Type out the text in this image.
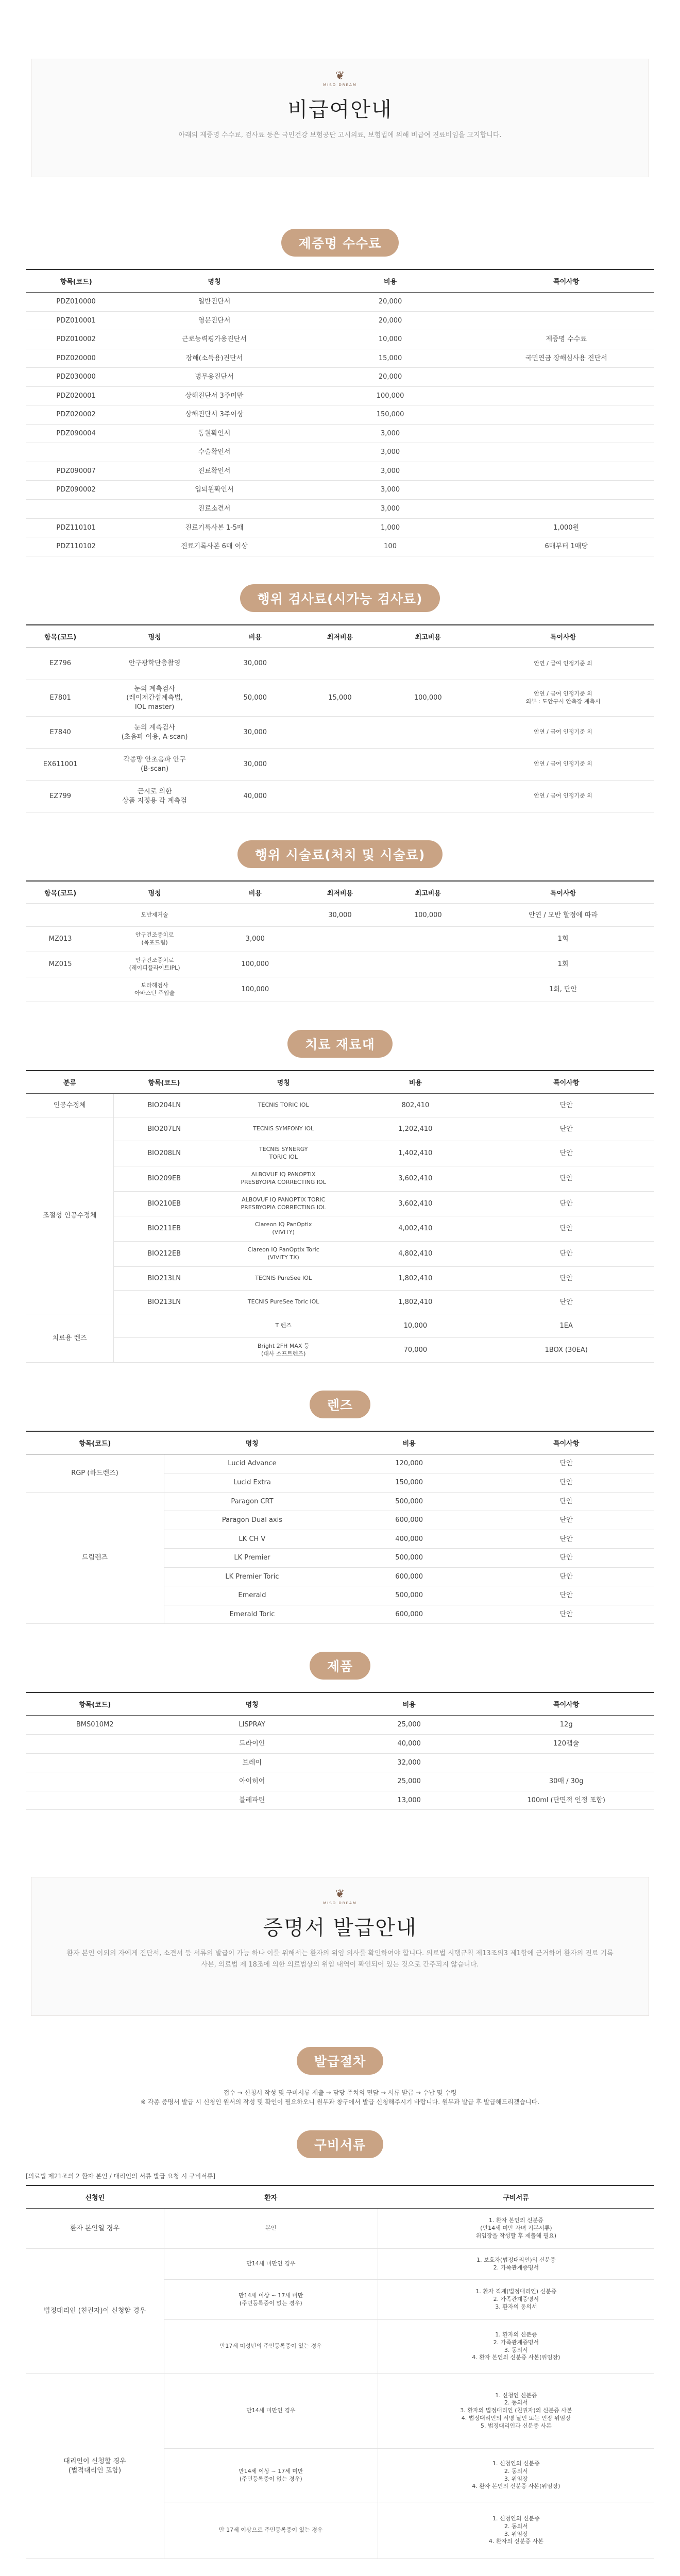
❦
MISO DREAM
비급여안내

아래의 제증명 수수료, 검사료 등은 국민건강 보험공단 고시의료, 보험법에 의해 비급여 진료비임을 고지합니다.

제증명 수수료
항목(코드)	명칭	비용	특이사항
PDZ010000	일반진단서	20,000	
PDZ010001	영문진단서	20,000	
PDZ010002	근로능력평가용진단서	10,000	제증명 수수료
PDZ020000	장해(소득용)진단서	15,000	국민연금 장해심사용 진단서
PDZ030000	병무용진단서	20,000	
PDZ020001	상해진단서 3주미만	100,000	
PDZ020002	상해진단서 3주이상	150,000	
PDZ090004	통원확인서	3,000	
	수술확인서	3,000	
PDZ090007	진료확인서	3,000	
PDZ090002	입퇴원확인서	3,000	
	진료소견서	3,000	
PDZ110101	진료기록사본 1-5매	1,000	1,000원
PDZ110102	진료기록사본 6매 이상	100	6매부터 1매당
행위 검사료(시가능 검사료)
항목(코드)	명칭	비용	최저비용	최고비용	특이사항
EZ796	안구광학단층촬영	30,000			안연 / 급여 인정기준 외
E7801	눈의 계측검사
(레이저간섭계측법,
IOL master)	50,000	15,000	100,000	안연 / 급여 인정기준 외
외부 : 도안구시 안축장 계측시
E7840	눈의 계측검사
(초음파 이용, A-scan)	30,000			안연 / 급여 인정기준 외
EX611001	각종망 안초음파 안구
(B-scan)	30,000			안연 / 급여 인정기준 외
EZ799	근시로 의한
상품 지정용 각 계측검	40,000			안연 / 급여 인정기준 외
행위 시술료(처치 및 시술료)
항목(코드)	명칭	비용	최저비용	최고비용	특이사항
	모반제거술		30,000	100,000	안연 / 모반 할정에 따라
MZ013	안구건조증치료
(목포드림)	3,000			1회
MZ015	안구건조증치료
(레이피플라이트IPL)	100,000			1회
	보라해검사
아바스틴 주입술	100,000			1회, 단안
치료 재료대
분류	항목(코드)	명칭	비용	특이사항
인공수정체	BIO204LN	TECNIS TORIC IOL	802,410	단안
조절성 인공수정체	BIO207LN	TECNIS SYMFONY IOL	1,202,410	단안
	BIO208LN	TECNIS SYNERGY
TORIC IOL	1,402,410	단안
	BIO209EB	ALBOVUF IQ PANOPTIX
PRESBYOPIA CORRECTING IOL	3,602,410	단안
	BIO210EB	ALBOVUF IQ PANOPTIX TORIC
PRESBYOPIA CORRECTING IOL	3,602,410	단안
	BIO211EB	Clareon IQ PanOptix
(VIVITY)	4,002,410	단안
	BIO212EB	Clareon IQ PanOptix Toric
(VIVITY TX)	4,802,410	단안
	BIO213LN	TECNIS PureSee IOL	1,802,410	단안
	BIO213LN	TECNIS PureSee Toric IOL	1,802,410	단안
치료용 렌즈		T 렌즈	10,000	1EA
		Bright 2FH MAX 등
(대사 소프트렌즈)	70,000	1BOX (30EA)
렌즈
항목(코드)	명칭	비용	특이사항
RGP (하드렌즈)	Lucid Advance	120,000	단안
	Lucid Extra	150,000	단안
드림렌즈	Paragon CRT	500,000	단안
	Paragon Dual axis	600,000	단안
	LK CH V	400,000	단안
	LK Premier	500,000	단안
	LK Premier Toric	600,000	단안
	Emerald	500,000	단안
	Emerald Toric	600,000	단안
제품
항목(코드)	명칭	비용	특이사항
BMS010M2	LISPRAY	25,000	12g
	드라이인	40,000	120캡슐
	브레이	32,000	
	아이히어	25,000	30매 / 30g
	블레파틴	13,000	100ml (단면적 인정 포함)
❦
MISO DREAM
증명서 발급안내

환자 본인 이외의 자에게 진단서, 소견서 등 서류의 발급이 가능 하나 이를 위해서는 환자의 위임 의사를 확인하여야 합니다. 의료법 시행규칙 제13조의3 제1항에 근거하여 환자의 진료 기록 사본, 의료법 제 18조에 의한 의료법상의 위임 내역이 확인되어 있는 것으로 간주되지 않습니다.

발급절차

접수 → 신청서 작성 및 구비서류 제출 → 담당 주치의 면담 → 서류 발급 → 수납 및 수령
※ 각종 증명서 발급 시 신청인 원서의 작성 및 확인이 필요하오니 원무과 창구에서 발급 신청해주시기 바랍니다. 원무과 발급 후 발급해드리겠습니다.

구비서류

[의료법 제21조의 2 환자 본인 / 대리인의 서류 발급 요청 시 구비서류]

신청인	환자	구비서류
환자 본인일 경우	본인	1. 환자 본인의 신분증
(만14세 미만 자녀 기본서류)
위임장을 작성할 후 제출해 필요)
법정대리인 (친권자)이 신청할 경우	만14세 미만인 경우	1. 보호자(법정대리인)의 신분증
2. 가족관계증명서
	만14세 이상 ~ 17세 미만
(주민등록증이 없는 경우)	1. 환자 직계(법정대리인) 신분증
2. 가족관계증명서
3. 환자의 동의서
	만17세 미성년의 주민등록증이 있는 경우	1. 환자의 신분증
2. 가족관계증명서
3. 동의서
4. 환자 본인의 신분증 사본(위임장)
대리인이 신청할 경우
(법적대리인 포함)	만14세 미만인 경우	1. 신청인 신분증
2. 동의서
3. 환자의 법정대리인 (친권자)의 신분증 사본
4. 법정대리인의 서명 날인 또는 인장 위임장
5. 법정대리인과 신분증 사본
	만14세 이상 ~ 17세 미만
(주민등록증이 없는 경우)	1. 신청인의 신분증
2. 동의서
3. 위임장
4. 환자 본인의 신분증 사본(위임장)
	만 17세 이상으로 주민등록증이 있는 경우	1. 신청인의 신분증
2. 동의서
3. 위임장
4. 환자의 신분증 사본
